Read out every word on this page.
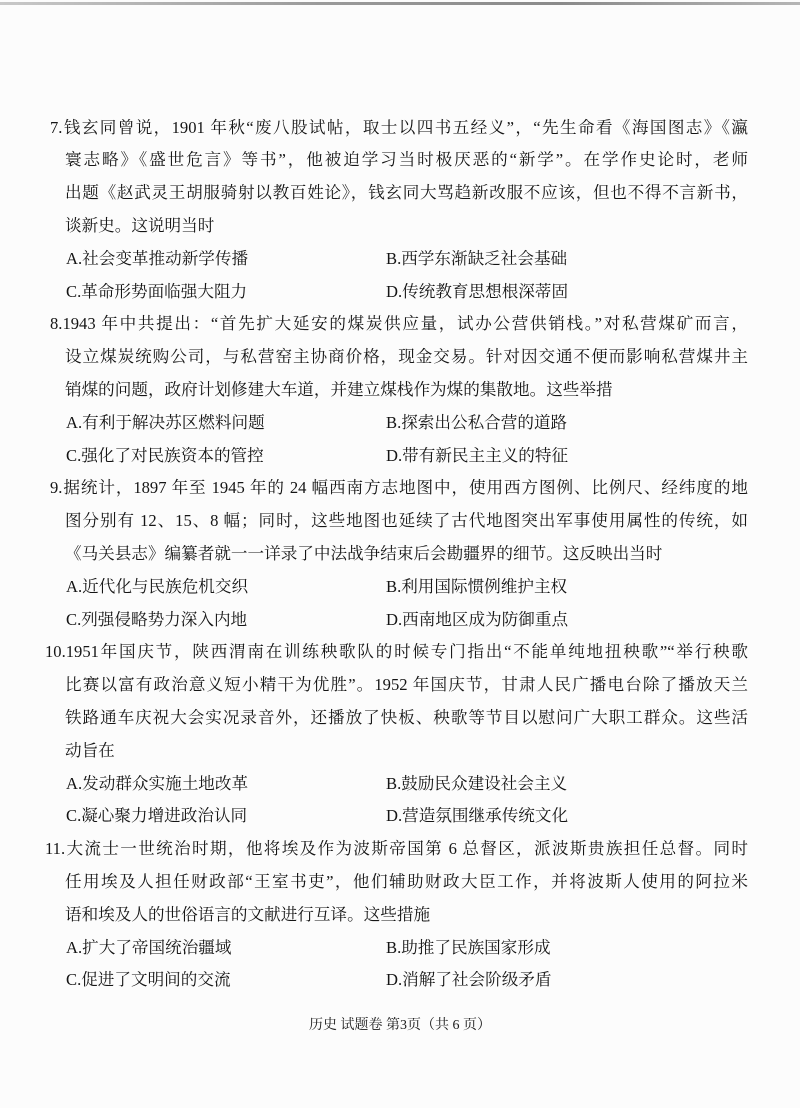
7.钱玄同曾说，1901 年秋“废八股试帖，取士以四书五经义”，“先生命看《海国图志》《瀛
寰志略》《盛世危言》等书”，他被迫学习当时极厌恶的“新学”。在学作史论时，老师
出题《赵武灵王胡服骑射以教百姓论》，钱玄同大骂趋新改服不应该，但也不得不言新书，
谈新史。这说明当时
A.社会变革推动新学传播	B.西学东渐缺乏社会基础
C.革命形势面临强大阻力	D.传统教育思想根深蒂固
8.1943 年中共提出：“首先扩大延安的煤炭供应量，试办公营供销栈。”对私营煤矿而言，
设立煤炭统购公司，与私营窑主协商价格，现金交易。针对因交通不便而影响私营煤井主
销煤的问题，政府计划修建大车道，并建立煤栈作为煤的集散地。这些举措
A.有利于解决苏区燃料问题	B.探索出公私合营的道路
C.强化了对民族资本的管控	D.带有新民主主义的特征
9.据统计，1897 年至 1945 年的 24 幅西南方志地图中，使用西方图例、比例尺、经纬度的地
图分别有 12、15、8 幅；同时，这些地图也延续了古代地图突出军事使用属性的传统，如
《马关县志》编纂者就一一详录了中法战争结束后会勘疆界的细节。这反映出当时
A.近代化与民族危机交织	B.利用国际惯例维护主权
C.列强侵略势力深入内地	D.西南地区成为防御重点
10.1951年国庆节，陕西渭南在训练秧歌队的时候专门指出“不能单纯地扭秧歌”“举行秧歌
比赛以富有政治意义短小精干为优胜”。1952 年国庆节，甘肃人民广播电台除了播放天兰
铁路通车庆祝大会实况录音外，还播放了快板、秧歌等节目以慰问广大职工群众。这些活
动旨在
A.发动群众实施土地改革	B.鼓励民众建设社会主义
C.凝心聚力增进政治认同	D.营造氛围继承传统文化
11.大流士一世统治时期，他将埃及作为波斯帝国第 6 总督区，派波斯贵族担任总督。同时
任用埃及人担任财政部“王室书吏”，他们辅助财政大臣工作，并将波斯人使用的阿拉米
语和埃及人的世俗语言的文献进行互译。这些措施
A.扩大了帝国统治疆域	B.助推了民族国家形成
C.促进了文明间的交流	D.消解了社会阶级矛盾
历史 试题卷 第3页（共 6 页）
